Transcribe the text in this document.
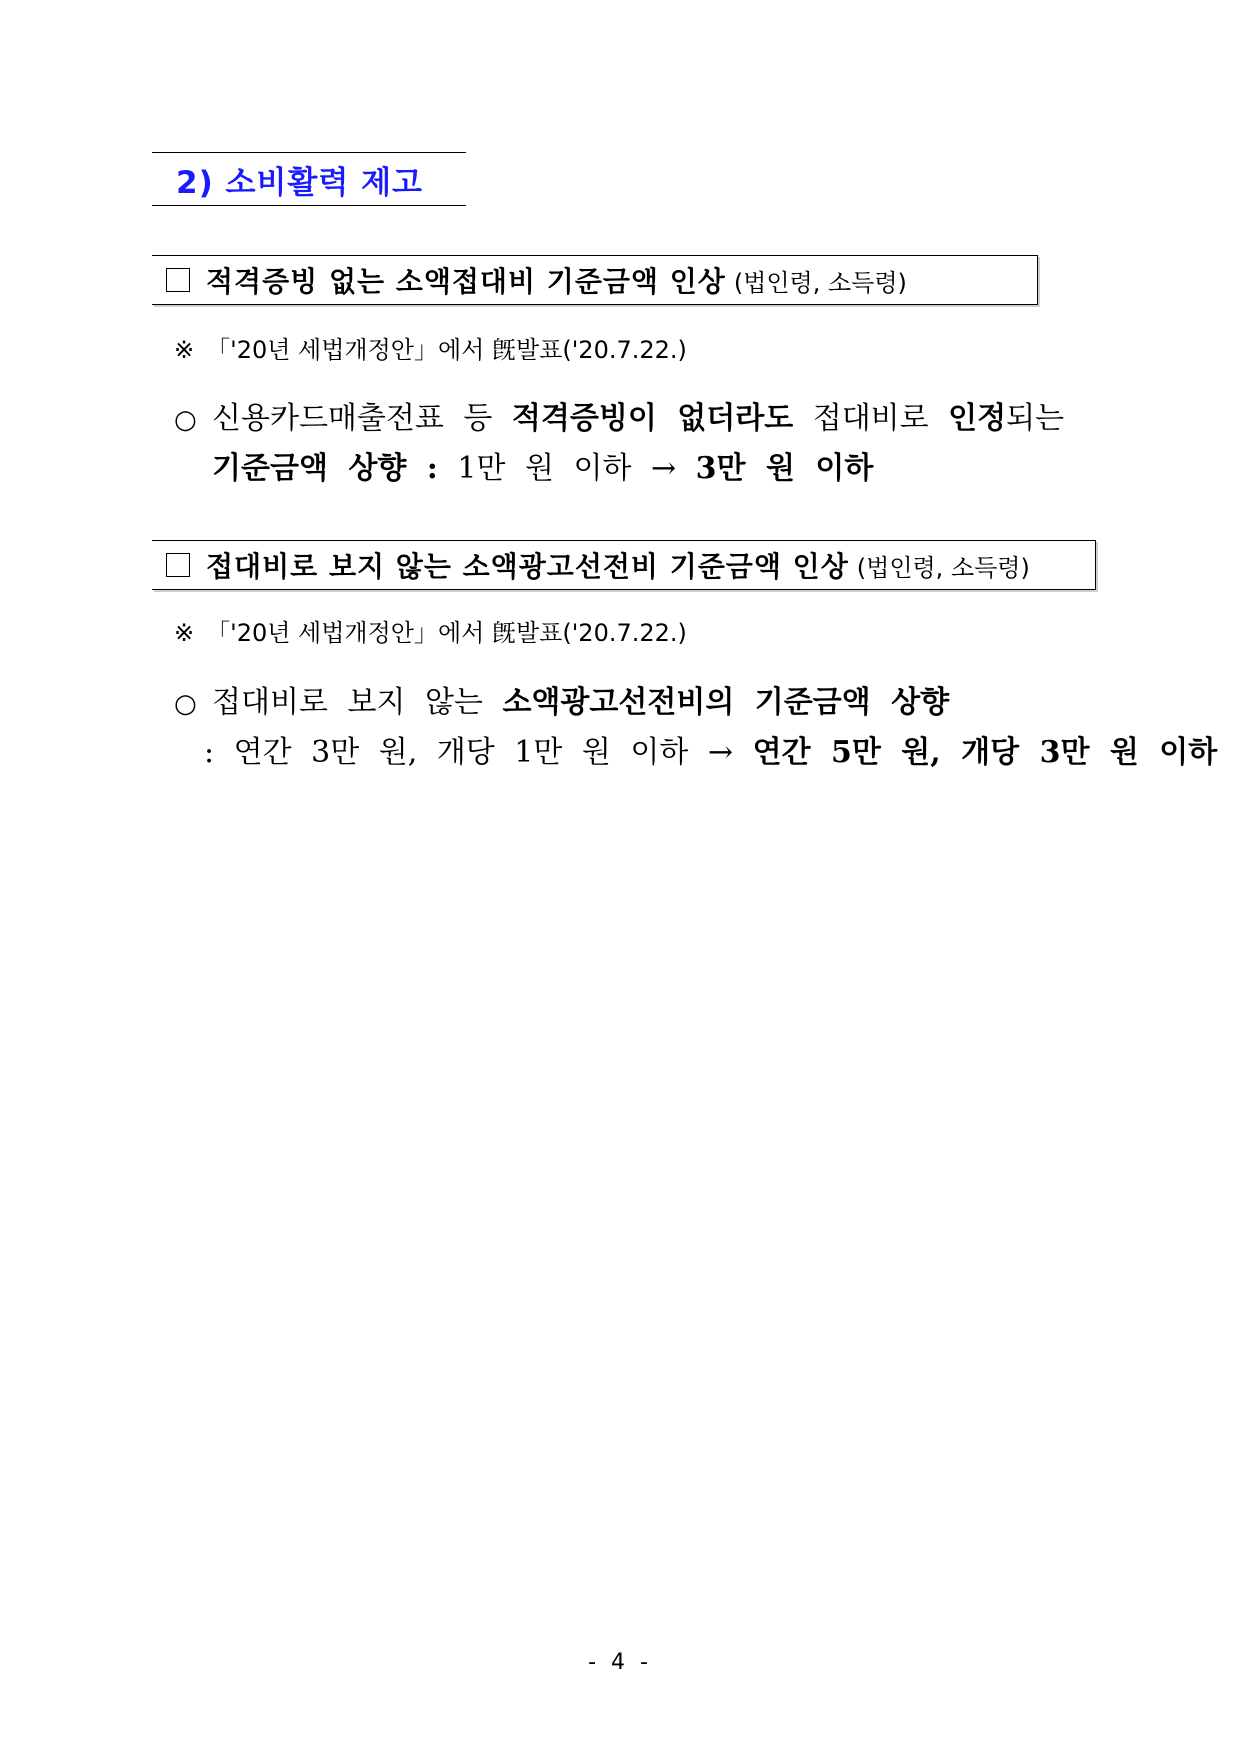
2) 소비활력 제고
적격증빙 없는 소액접대비 기준금액 인상 (법인령, 소득령)
※ 「'20년 세법개정안」에서 旣발표('20.7.22.)
○ 신용카드매출전표 등 적격증빙이 없더라도 접대비로 인정되는
기준금액 상향 : 1만 원 이하 → 3만 원 이하
접대비로 보지 않는 소액광고선전비 기준금액 인상 (법인령, 소득령)
※ 「'20년 세법개정안」에서 旣발표('20.7.22.)
○ 접대비로 보지 않는 소액광고선전비의 기준금액 상향
: 연간 3만 원, 개당 1만 원 이하 → 연간 5만 원, 개당 3만 원 이하
- 4 -
